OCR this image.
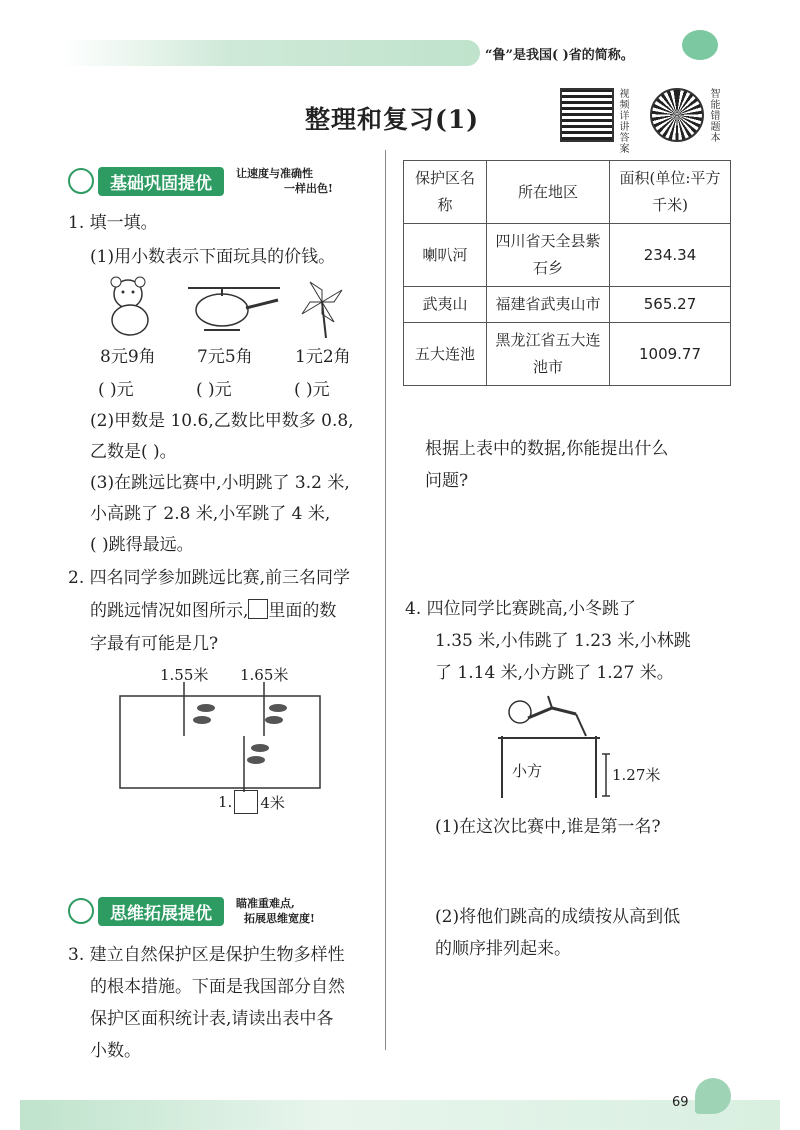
“鲁”是我国( )省的简称。
整理和复习(1)	视频详讲答案	智能错题本
基础巩固提优	让速度与准确性
一样出色!
1. 填一填。
(1)用小数表示下面玩具的价钱。
8元9角 7元5角 1元2角
( )元	( )元	( )元
(2)甲数是 10.6,乙数比甲数多 0.8,
乙数是( )。
(3)在跳远比赛中,小明跳了 3.2 米,
小高跳了 2.8 米,小军跳了 4 米,
( )跳得最远。
2. 四名同学参加跳远比赛,前三名同学
的跳远情况如图所示, 里面的数
字最有可能是几?
1.55米 1.65米
1. 4米
思维拓展提优	瞄准重难点,
拓展思维宽度!
3. 建立自然保护区是保护生物多样性
的根本措施。下面是我国部分自然
保护区面积统计表,请读出表中各
小数。
保护区名称	所在地区	面积(单位:平方千米)
喇叭河	四川省天全县紫石乡	234.34
武夷山	福建省武夷山市	565.27
五大连池	黑龙江省五大连池市	1009.77
根据上表中的数据,你能提出什么
问题?
4. 四位同学比赛跳高,小冬跳了
1.35 米,小伟跳了 1.23 米,小林跳
了 1.14 米,小方跳了 1.27 米。
小方	1.27米
(1)在这次比赛中,谁是第一名?
(2)将他们跳高的成绩按从高到低
的顺序排列起来。
69
